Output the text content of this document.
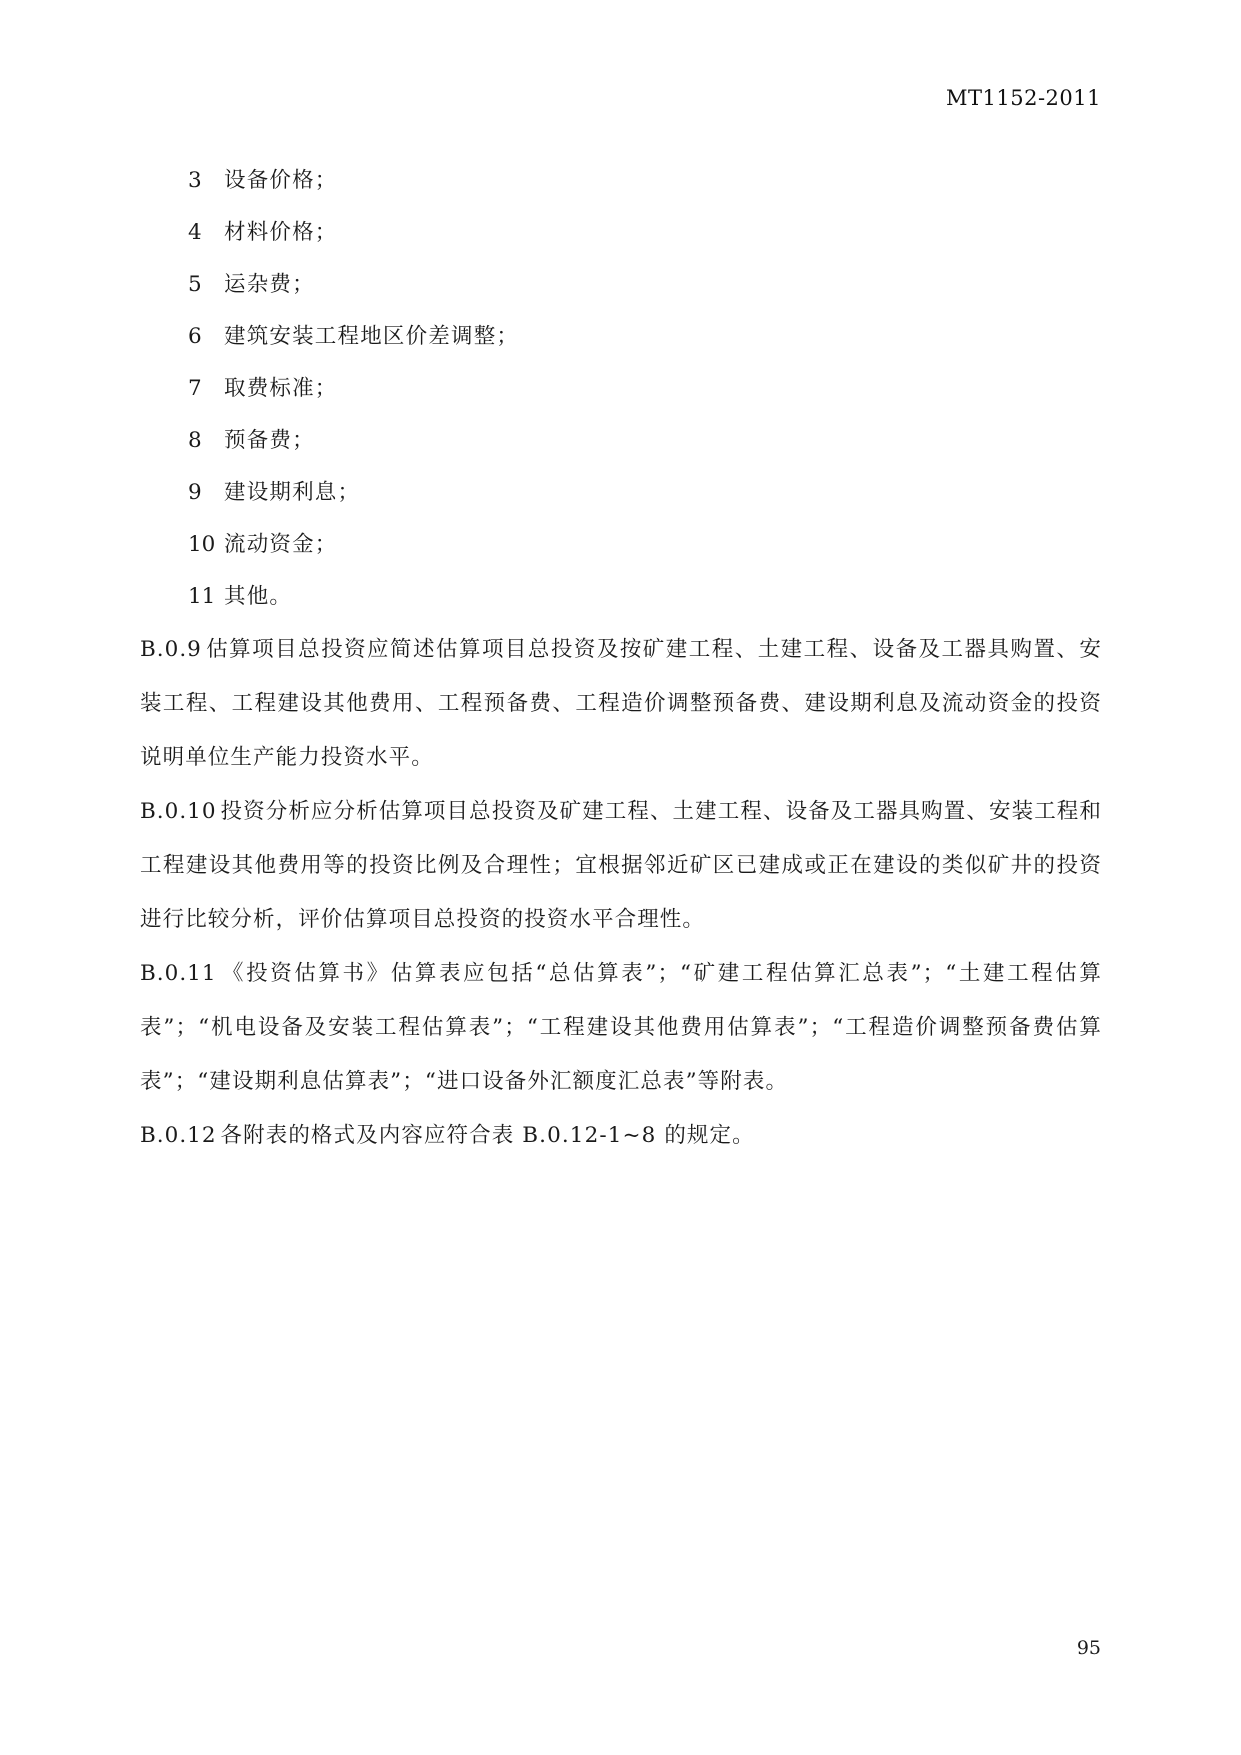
MT1152-2011
3	设备价格；
4	材料价格；
5	运杂费；
6	建筑安装工程地区价差调整；
7	取费标准；
8	预备费；
9	建设期利息；
10 流动资金；
11 其他。

B.0.9 估算项目总投资应简述估算项目总投资及按矿建工程、土建工程、设备及工器具购置、安装工程、工程建设其他费用、工程预备费、工程造价调整预备费、建设期利息及流动资金的投资说明单位生产能力投资水平。

B.0.10 投资分析应分析估算项目总投资及矿建工程、土建工程、设备及工器具购置、安装工程和工程建设其他费用等的投资比例及合理性；宜根据邻近矿区已建成或正在建设的类似矿井的投资进行比较分析，评价估算项目总投资的投资水平合理性。

B.0.11 《投资估算书》估算表应包括“总估算表”；“矿建工程估算汇总表”；“土建工程估算表”；“机电设备及安装工程估算表”；“工程建设其他费用估算表”；“工程造价调整预备费估算表”；“建设期利息估算表”；“进口设备外汇额度汇总表”等附表。

B.0.12 各附表的格式及内容应符合表 B.0.12-1~8 的规定。

95
